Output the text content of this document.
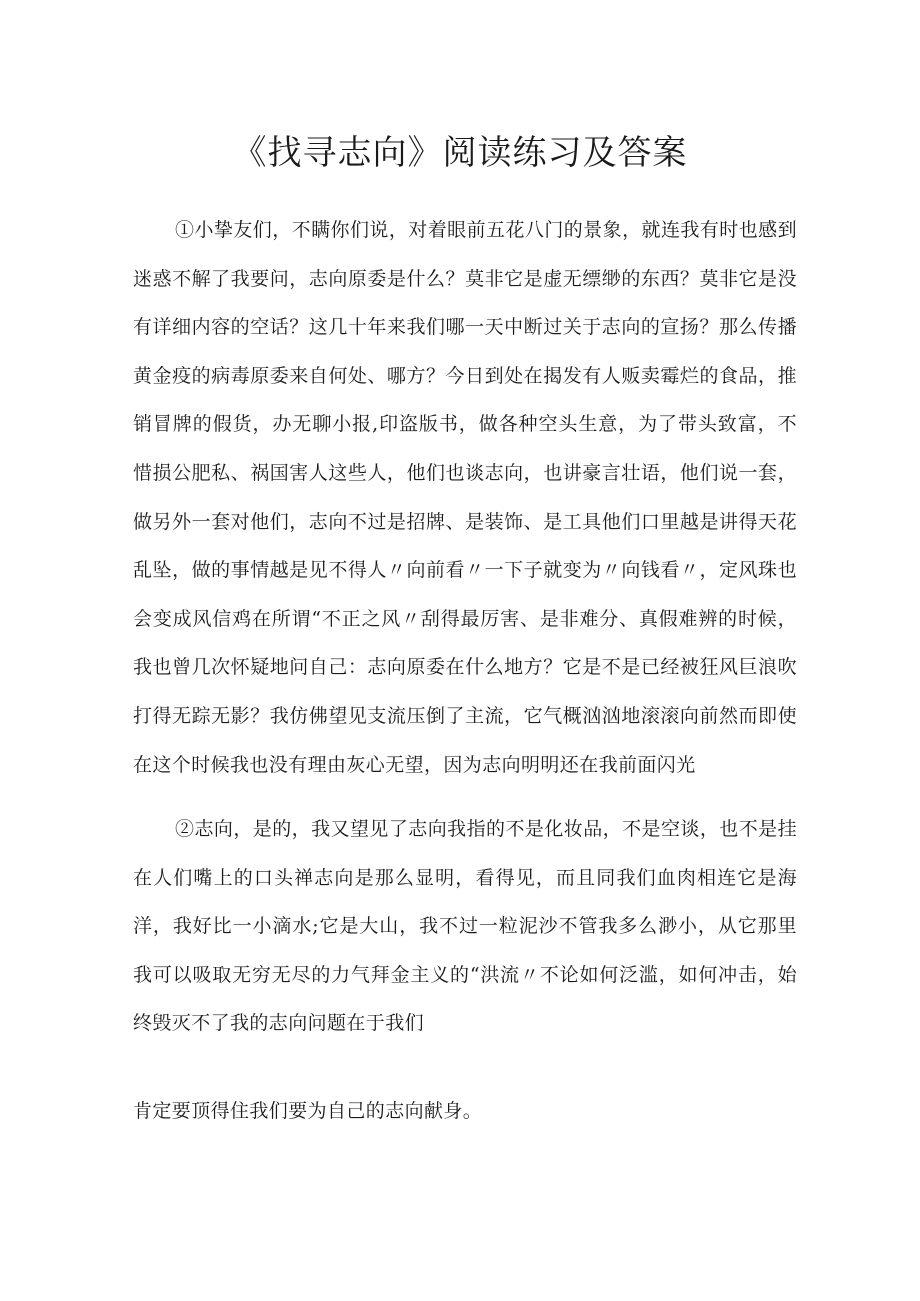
《找寻志向》阅读练习及答案

①小挚友们，不瞒你们说，对着眼前五花八门的景象，就连我有时也感到迷惑不解了我要问，志向原委是什么？莫非它是虚无缥缈的东西？莫非它是没有详细内容的空话？这几十年来我们哪一天中断过关于志向的宣扬？那么传播黄金疫的病毒原委来自何处、哪方？今日到处在揭发有人贩卖霉烂的食品，推销冒牌的假货，办无聊小报,印盗版书，做各种空头生意，为了带头致富，不惜损公肥私、祸国害人这些人，他们也谈志向，也讲豪言壮语，他们说一套，做另外一套对他们，志向不过是招牌、是装饰、是工具他们口里越是讲得天花乱坠，做的事情越是见不得人〃向前看〃一下子就变为〃向钱看〃，定风珠也会变成风信鸡在所谓“不正之风〃刮得最厉害、是非难分、真假难辨的时候，我也曾几次怀疑地问自己：志向原委在什么地方？它是不是已经被狂风巨浪吹打得无踪无影？我仿佛望见支流压倒了主流，它气概汹汹地滚滚向前然而即使在这个时候我也没有理由灰心无望，因为志向明明还在我前面闪光

②志向，是的，我又望见了志向我指的不是化妆品，不是空谈，也不是挂在人们嘴上的口头禅志向是那么显明，看得见，而且同我们血肉相连它是海洋，我好比一小滴水;它是大山，我不过一粒泥沙不管我多么渺小，从它那里我可以吸取无穷无尽的力气拜金主义的“洪流〃不论如何泛滥，如何冲击，始终毁灭不了我的志向问题在于我们

肯定要顶得住我们要为自己的志向献身。
